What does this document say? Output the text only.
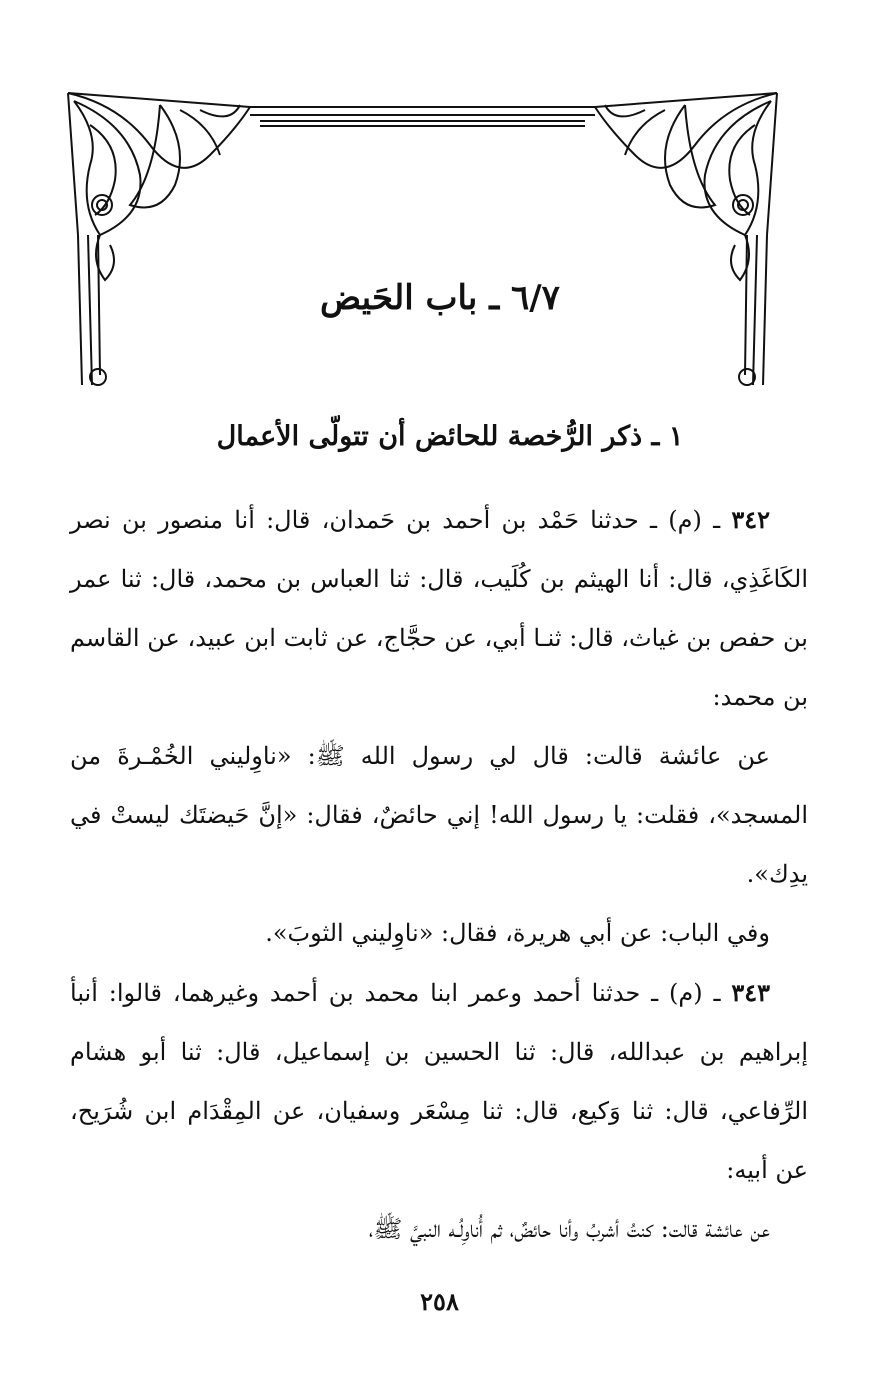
٦/٧ ـ باب الحَيض
١ ـ ذكر الرُّخصة للحائض أن تتولّى الأعمال

٣٤٢ ـ (م) ـ حدثنا حَمْد بن أحمد بن حَمدان، قال: أنا منصور بن نصر الكَاغَذِي، قال: أنا الهيثم بن كُلَيب، قال: ثنا العباس بن محمد، قال: ثنا عمر بن حفص بن غياث، قال: ثنـا أبي، عن حجَّاج، عن ثابت ابن عبيد، عن القاسم بن محمد:

عن عائشة قالت: قال لي رسول الله ﷺ: «ناوِليني الخُمْـرةَ من المسجد»، فقلت: يا رسول الله! إني حائضٌ، فقال: «إنَّ حَيضتَك ليستْ في يدِك».

وفي الباب: عن أبي هريرة، فقال: «ناوِليني الثوبَ».

٣٤٣ ـ (م) ـ حدثنا أحمد وعمر ابنا محمد بن أحمد وغيرهما، قالوا: أنبأ إبراهيم بن عبدالله، قال: ثنا الحسين بن إسماعيل، قال: ثنا أبو هشام الرِّفاعي، قال: ثنا وَكيع، قال: ثنا مِسْعَر وسفيان، عن المِقْدَام ابن شُرَيح، عن أبيه:

عن عائشة قالت: كنتُ أشربُ وأنا حائضٌ، ثم أُناوِلُـه النبيَّ ﷺ،

٢٥٨
